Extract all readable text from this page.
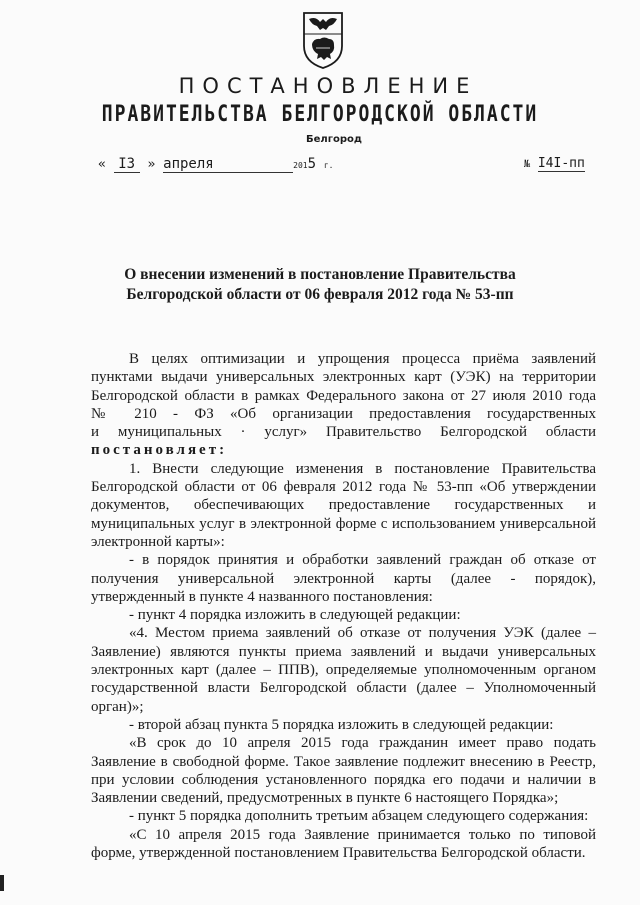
ПОСТАНОВЛЕНИЕ
ПРАВИТЕЛЬСТВА БЕЛГОРОДСКОЙ ОБЛАСТИ
Белгород
« I3 » апреля	2015 г.	№ I4I-пп
О внесении изменений в постановление Правительства
Белгородской области от 06 февраля 2012 года № 53-пп

В целях оптимизации и упрощения процесса приёма заявлений

пунктами выдачи универсальных электронных карт (УЭК) на территории

Белгородской области в рамках Федерального закона от 27 июля 2010 года

№ 210 - ФЗ «Об организации предоставления государственных

и муниципальных · услуг» Правительство Белгородской области

постановляет:

1. Внести следующие изменения в постановление Правительства

Белгородской области от 06 февраля 2012 года № 53-пп «Об утверждении

документов, обеспечивающих предоставление государственных и

муниципальных услуг в электронной форме с использованием универсальной

электронной карты»:

- в порядок принятия и обработки заявлений граждан об отказе от

получения универсальной электронной карты (далее - порядок),

утвержденный в пункте 4 названного постановления:

- пункт 4 порядка изложить в следующей редакции:

«4. Местом приема заявлений об отказе от получения УЭК (далее –

Заявление) являются пункты приема заявлений и выдачи универсальных

электронных карт (далее – ППВ), определяемые уполномоченным органом

государственной власти Белгородской области (далее – Уполномоченный

орган)»;

- второй абзац пункта 5 порядка изложить в следующей редакции:

«В срок до 10 апреля 2015 года гражданин имеет право подать

Заявление в свободной форме. Такое заявление подлежит внесению в Реестр,

при условии соблюдения установленного порядка его подачи и наличии в

Заявлении сведений, предусмотренных в пункте 6 настоящего Порядка»;

- пункт 5 порядка дополнить третьим абзацем следующего содержания:

«С 10 апреля 2015 года Заявление принимается только по типовой

форме, утвержденной постановлением Правительства Белгородской области.
